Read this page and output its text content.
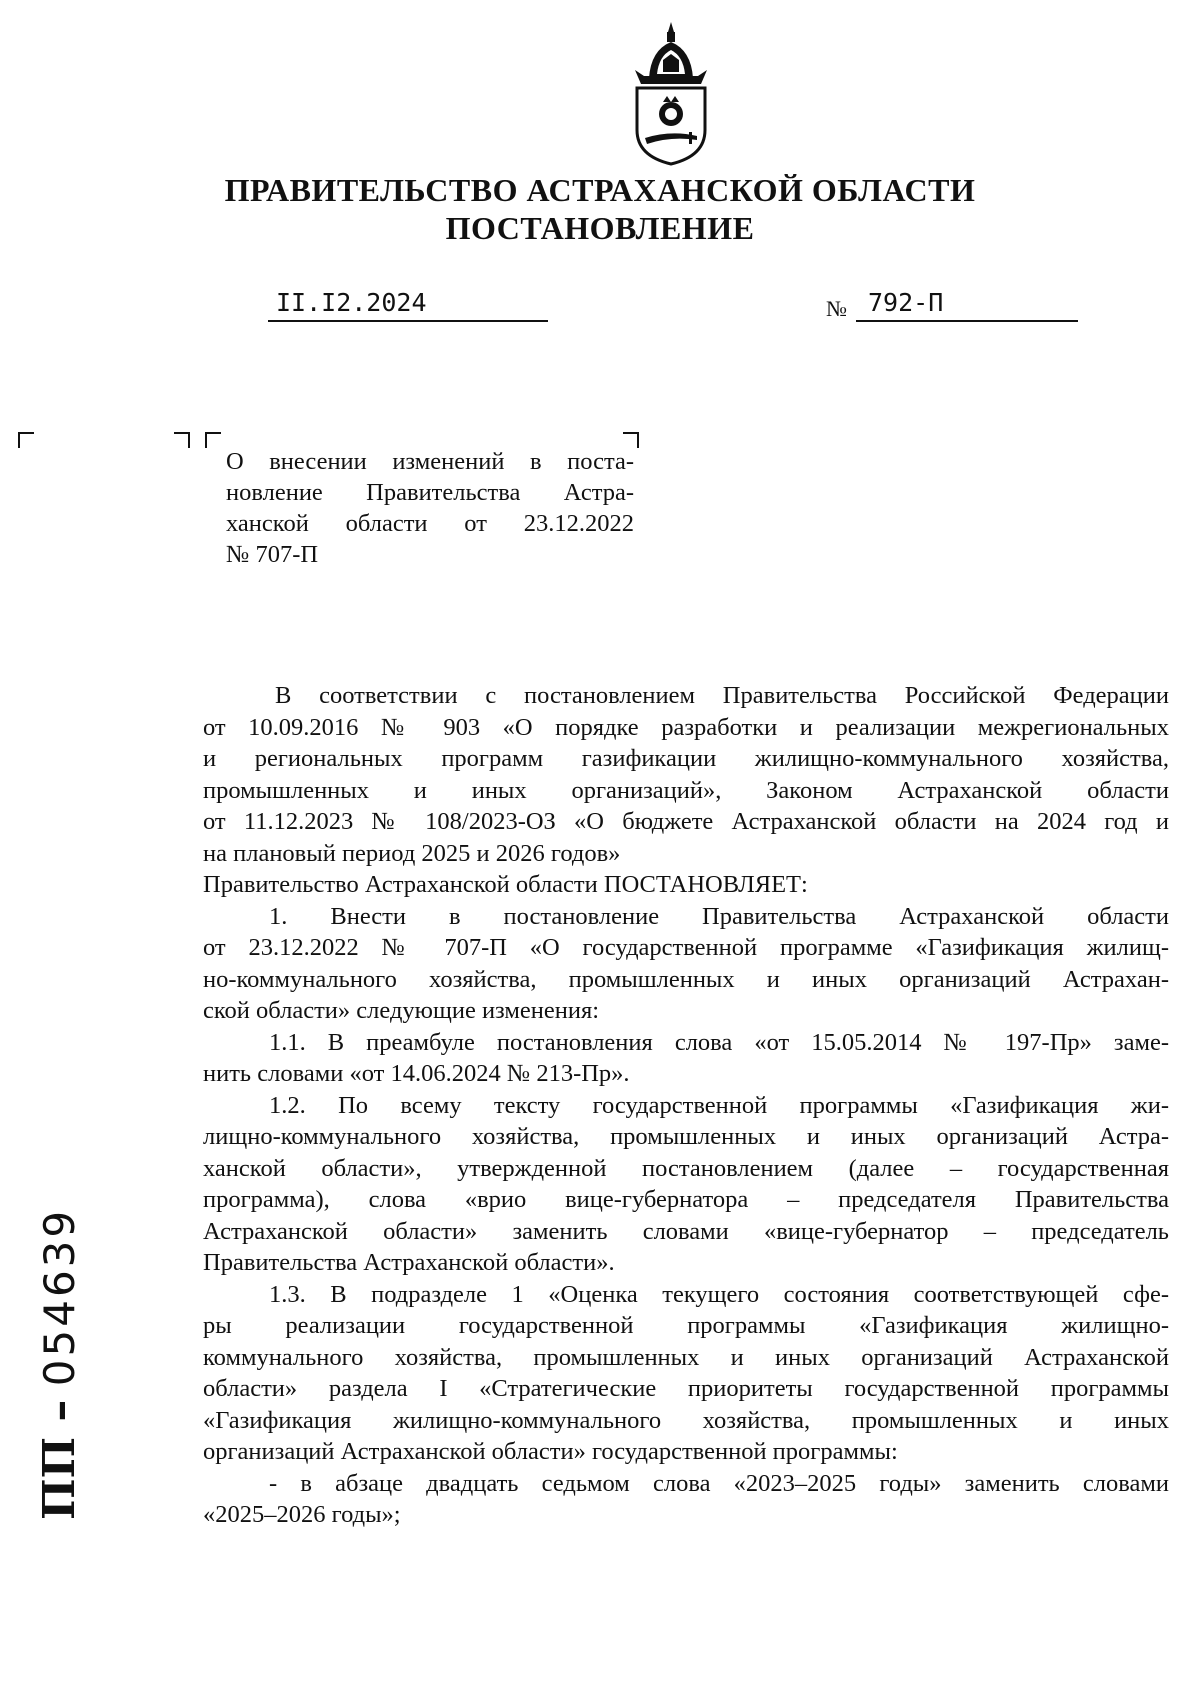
ПРАВИТЕЛЬСТВО АСТРАХАНСКОЙ ОБЛАСТИ
ПОСТАНОВЛЕНИЕ
II.I2.2024	№ 792-П
О внесении изменений в поста-
новление Правительства Астра-
ханской области от 23.12.2022
№ 707-П
В соответствии с постановлением Правительства Российской Федерации
от 10.09.2016 № 903 «О порядке разработки и реализации межрегиональных
и региональных программ газификации жилищно-коммунального хозяйства,
промышленных и иных организаций», Законом Астраханской области
от 11.12.2023 № 108/2023-ОЗ «О бюджете Астраханской области на 2024 год и
на плановый период 2025 и 2026 годов»
Правительство Астраханской области ПОСТАНОВЛЯЕТ:
1. Внести в постановление Правительства Астраханской области
от 23.12.2022 № 707-П «О государственной программе «Газификация жилищ-
но-коммунального хозяйства, промышленных и иных организаций Астрахан-
ской области» следующие изменения:
1.1. В преамбуле постановления слова «от 15.05.2014 № 197-Пр» заме-
нить словами «от 14.06.2024 № 213-Пр».
1.2. По всему тексту государственной программы «Газификация жи-
лищно-коммунального хозяйства, промышленных и иных организаций Астра-
ханской области», утвержденной постановлением (далее – государственная
программа), слова «врио вице-губернатора – председателя Правительства
Астраханской области» заменить словами «вице-губернатор – председатель
Правительства Астраханской области».
1.3. В подразделе 1 «Оценка текущего состояния соответствующей сфе-
ры реализации государственной программы «Газификация жилищно-
коммунального хозяйства, промышленных и иных организаций Астраханской
области» раздела I «Стратегические приоритеты государственной программы
«Газификация жилищно-коммунального хозяйства, промышленных и иных
организаций Астраханской области» государственной программы:
- в абзаце двадцать седьмом слова «2023–2025 годы» заменить словами
«2025–2026 годы»;
ПП – 054639
